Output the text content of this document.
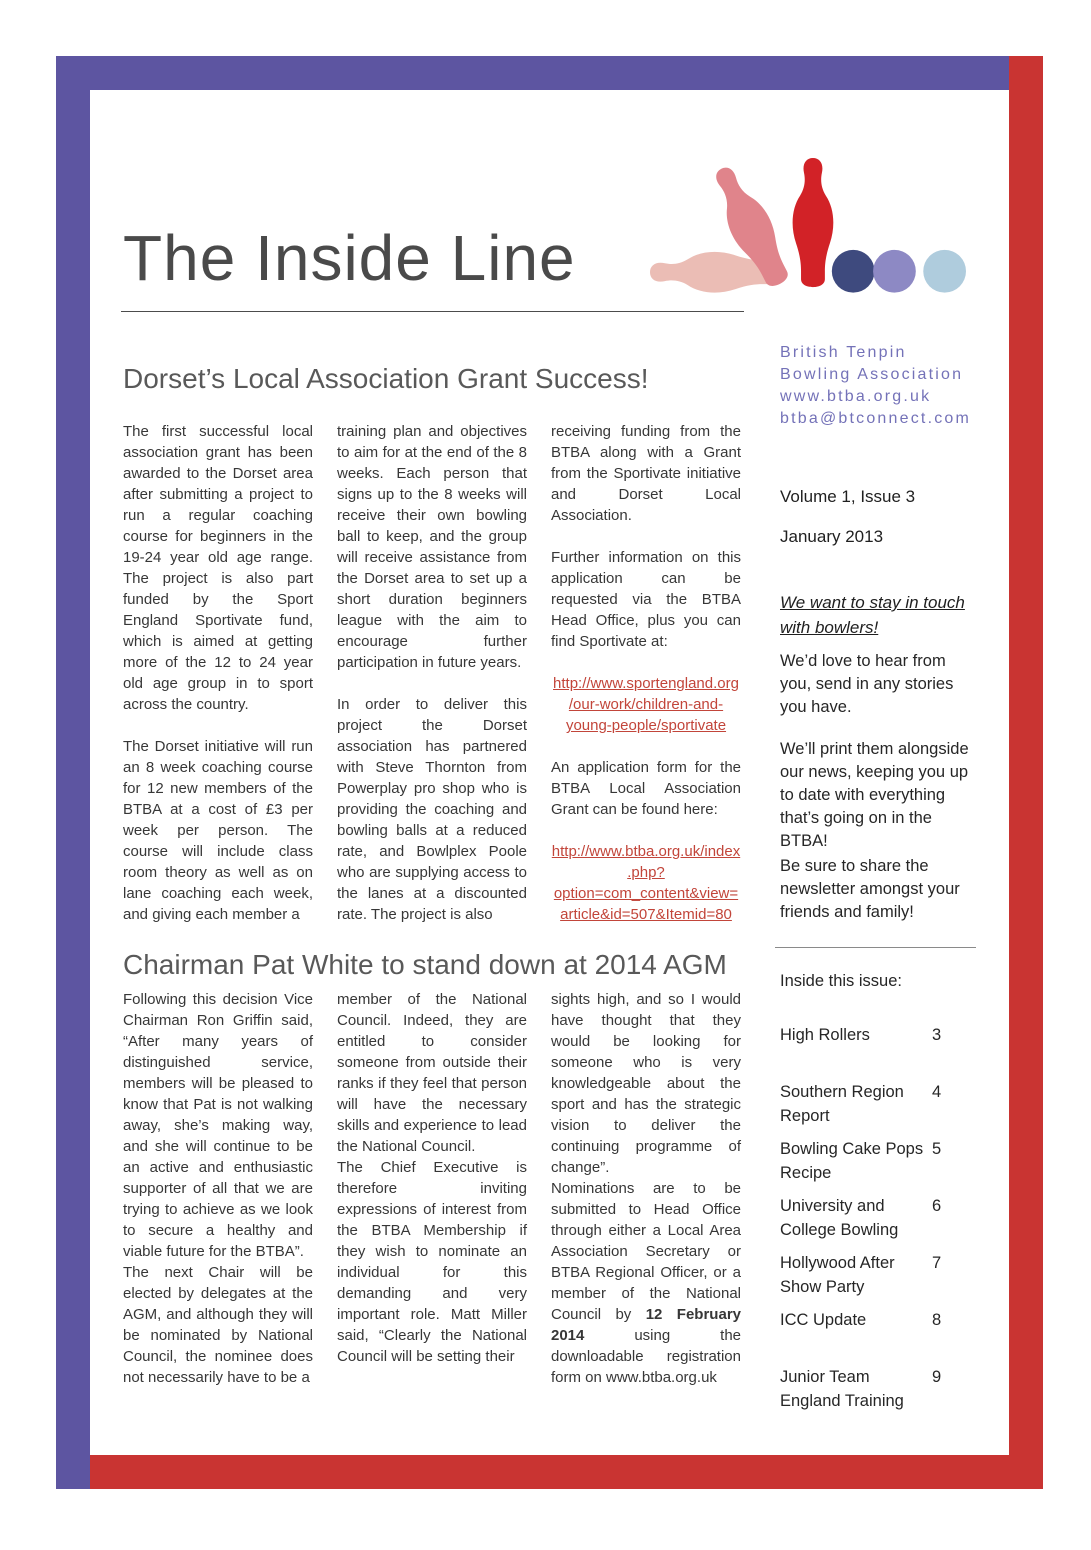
The Inside Line
Dorset’s Local Association Grant Success!

The first successful local association grant has been awarded to the Dorset area after submitting a project to run a regular coaching course for beginners in the 19-24 year old age range. The project is also part funded by the Sport England Sportivate fund, which is aimed at getting more of the 12 to 24 year old age group in to sport across the country.

The Dorset initiative will run an 8 week coaching course for 12 new members of the BTBA at a cost of £3 per week per person. The course will include class room theory as well as on lane coaching each week, and giving each member a

training plan and objectives to aim for at the end of the 8 weeks. Each person that signs up to the 8 weeks will receive their own bowling ball to keep, and the group will receive assistance from the Dorset area to set up a short duration beginners league with the aim to encourage further participation in future years.

In order to deliver this project the Dorset association has partnered with Steve Thornton from Powerplay pro shop who is providing the coaching and bowling balls at a reduced rate, and Bowlplex Poole who are supplying access to the lanes at a discounted rate. The project is also

receiving funding from the BTBA along with a Grant from the Sportivate initiative and Dorset Local Association.

Further information on this application can be requested via the BTBA Head Office, plus you can find Sportivate at:

http://www.sportengland.org/our-work/children-and-young-people/sportivate

An application form for the BTBA Local Association Grant can be found here:

http://www.btba.org.uk/index.php?option=com_content&view=article&id=507&Itemid=80
British Tenpin
Bowling Association
www.btba.org.uk
btba@btconnect.com
Volume 1, Issue 3
January 2013
We want to stay in touch with bowlers!
We’d love to hear from you, send in any stories you have.
We’ll print them alongside our news, keeping you up to date with everything that’s going on in the BTBA!
Be sure to share the newsletter amongst your friends and family!
Chairman Pat White to stand down at 2014 AGM

Following this decision Vice Chairman Ron Griffin said, “After many years of distinguished service, members will be pleased to know that Pat is not walking away, she’s making way, and she will continue to be an active and enthusiastic supporter of all that we are trying to achieve as we look to secure a healthy and viable future for the BTBA”.

The next Chair will be elected by delegates at the AGM, and although they will be nominated by National Council, the nominee does not necessarily have to be a

member of the National Council. Indeed, they are entitled to consider someone from outside their ranks if they feel that person will have the necessary skills and experience to lead the National Council.

The Chief Executive is therefore inviting expressions of interest from the BTBA Membership if they wish to nominate an individual for this demanding and very important role. Matt Miller said, “Clearly the National Council will be setting their

sights high, and so I would have thought that they would be looking for someone who is very knowledgeable about the sport and has the strategic vision to deliver the continuing programme of change”.

Nominations are to be submitted to Head Office through either a Local Area Association Secretary or BTBA Regional Officer, or a member of the National Council by 12 February 2014 using the downloadable registration form on www.btba.org.uk

Inside this issue:
High Rollers	3
Southern Region Report
4
Bowling Cake Pops Recipe
5
University and College Bowling
6
Hollywood After Show Party
7
ICC Update	8
Junior Team England Training
9
